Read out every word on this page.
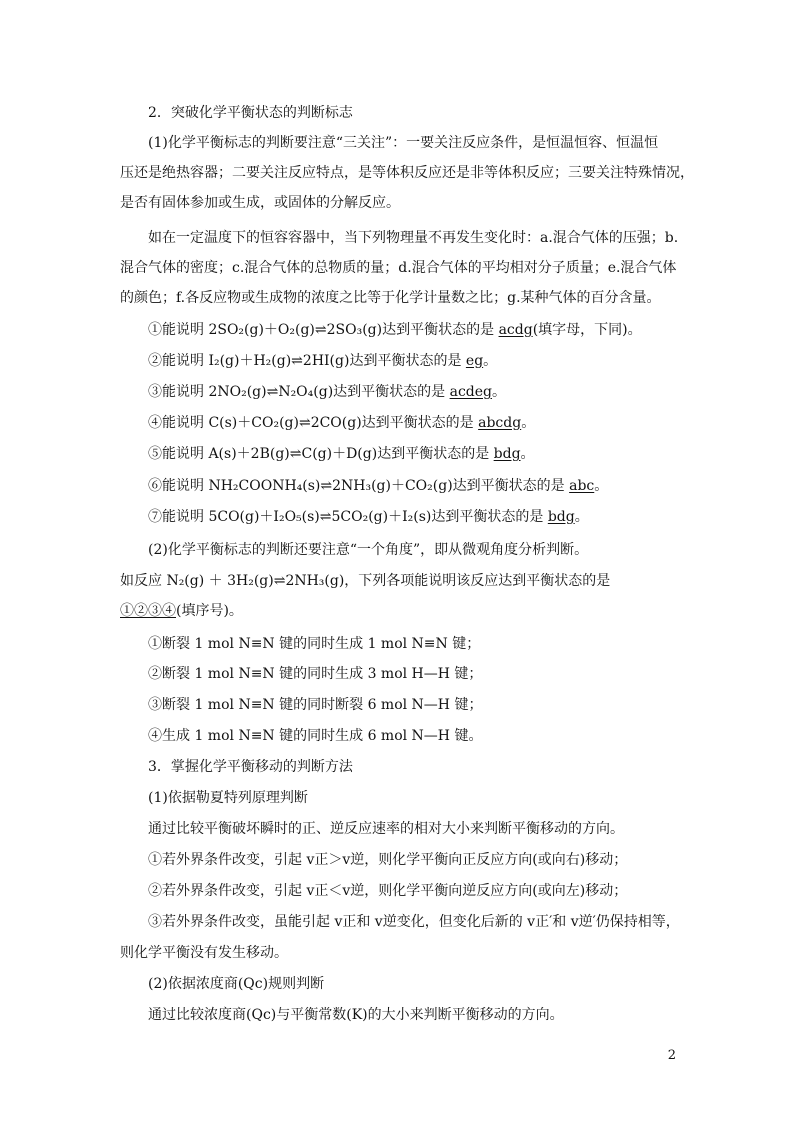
2．突破化学平衡状态的判断标志
(1)化学平衡标志的判断要注意“三关注”：一要关注反应条件，是恒温恒容、恒温恒
压还是绝热容器；二要关注反应特点，是等体积反应还是非等体积反应；三要关注特殊情况，
是否有固体参加或生成，或固体的分解反应。
如在一定温度下的恒容容器中，当下列物理量不再发生变化时：a.混合气体的压强；b.
混合气体的密度；c.混合气体的总物质的量；d.混合气体的平均相对分子质量；e.混合气体
的颜色；f.各反应物或生成物的浓度之比等于化学计量数之比；g.某种气体的百分含量。
①能说明 2SO₂(g)＋O₂(g)⇌2SO₃(g)达到平衡状态的是 acdg(填字母，下同)。
②能说明 I₂(g)＋H₂(g)⇌2HI(g)达到平衡状态的是 eg。
③能说明 2NO₂(g)⇌N₂O₄(g)达到平衡状态的是 acdeg。
④能说明 C(s)＋CO₂(g)⇌2CO(g)达到平衡状态的是 abcdg。
⑤能说明 A(s)＋2B(g)⇌C(g)＋D(g)达到平衡状态的是 bdg。
⑥能说明 NH₂COONH₄(s)⇌2NH₃(g)＋CO₂(g)达到平衡状态的是 abc。
⑦能说明 5CO(g)＋I₂O₅(s)⇌5CO₂(g)＋I₂(s)达到平衡状态的是 bdg。
(2)化学平衡标志的判断还要注意“一个角度”，即从微观角度分析判断。
如反应 N₂(g) ＋ 3H₂(g)⇌2NH₃(g)，下列各项能说明该反应达到平衡状态的是
①②③④(填序号)。
①断裂 1 mol N≡N 键的同时生成 1 mol N≡N 键；
②断裂 1 mol N≡N 键的同时生成 3 mol H—H 键；
③断裂 1 mol N≡N 键的同时断裂 6 mol N—H 键；
④生成 1 mol N≡N 键的同时生成 6 mol N—H 键。
3．掌握化学平衡移动的判断方法
(1)依据勒夏特列原理判断
通过比较平衡破坏瞬时的正、逆反应速率的相对大小来判断平衡移动的方向。
①若外界条件改变，引起 v正＞v逆，则化学平衡向正反应方向(或向右)移动；
②若外界条件改变，引起 v正＜v逆，则化学平衡向逆反应方向(或向左)移动；
③若外界条件改变，虽能引起 v正和 v逆变化，但变化后新的 v正′和 v逆′仍保持相等，
则化学平衡没有发生移动。
(2)依据浓度商(Qc)规则判断
通过比较浓度商(Qc)与平衡常数(K)的大小来判断平衡移动的方向。
2
